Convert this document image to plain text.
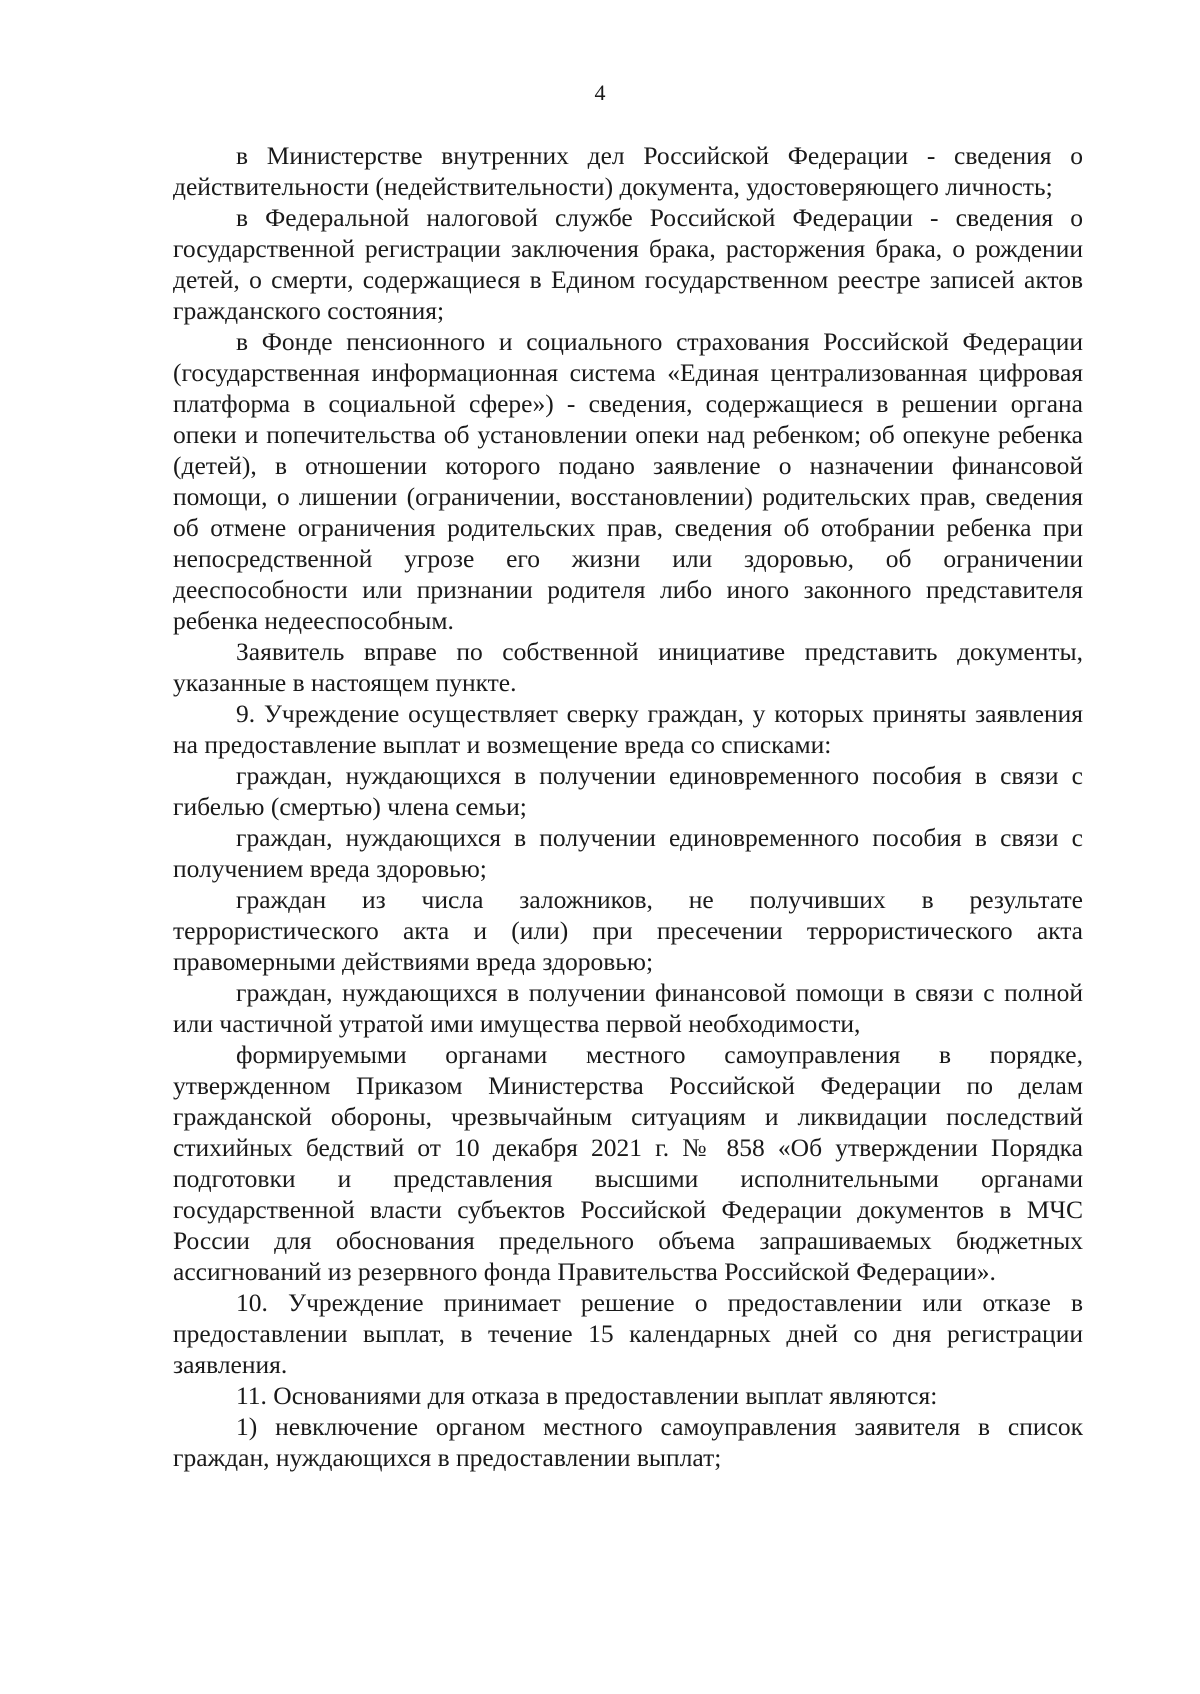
4

в Министерстве внутренних дел Российской Федерации - сведения о действительности (недействительности) документа, удостоверяющего личность;

в Федеральной налоговой службе Российской Федерации - сведения о государственной регистрации заключения брака, расторжения брака, о рождении детей, о смерти, содержащиеся в Едином государственном реестре записей актов гражданского состояния;

в Фонде пенсионного и социального страхования Российской Федерации (государственная информационная система «Единая централизованная цифровая платформа в социальной сфере») - сведения, содержащиеся в решении органа опеки и попечительства об установлении опеки над ребенком; об опекуне ребенка (детей), в отношении которого подано заявление о назначении финансовой помощи, о лишении (ограничении, восстановлении) родительских прав, сведения об отмене ограничения родительских прав, сведения об отобрании ребенка при непосредственной угрозе его жизни или здоровью, об ограничении дееспособности или признании родителя либо иного законного представителя ребенка недееспособным.

Заявитель вправе по собственной инициативе представить документы, указанные в настоящем пункте.

9. Учреждение осуществляет сверку граждан, у которых приняты заявления на предоставление выплат и возмещение вреда со списками:

граждан, нуждающихся в получении единовременного пособия в связи с гибелью (смертью) члена семьи;

граждан, нуждающихся в получении единовременного пособия в связи с получением вреда здоровью;

граждан из числа заложников, не получивших в результате террористического акта и (или) при пресечении террористического акта правомерными действиями вреда здоровью;

граждан, нуждающихся в получении финансовой помощи в связи с полной или частичной утратой ими имущества первой необходимости,

формируемыми органами местного самоуправления в порядке, утвержденном Приказом Министерства Российской Федерации по делам гражданской обороны, чрезвычайным ситуациям и ликвидации последствий стихийных бедствий от 10 декабря 2021 г. № 858 «Об утверждении Порядка подготовки и представления высшими исполнительными органами государственной власти субъектов Российской Федерации документов в МЧС России для обоснования предельного объема запрашиваемых бюджетных ассигнований из резервного фонда Правительства Российской Федерации».

10. Учреждение принимает решение о предоставлении или отказе в предоставлении выплат, в течение 15 календарных дней со дня регистрации заявления.

11. Основаниями для отказа в предоставлении выплат являются:

1) невключение органом местного самоуправления заявителя в список граждан, нуждающихся в предоставлении выплат;
